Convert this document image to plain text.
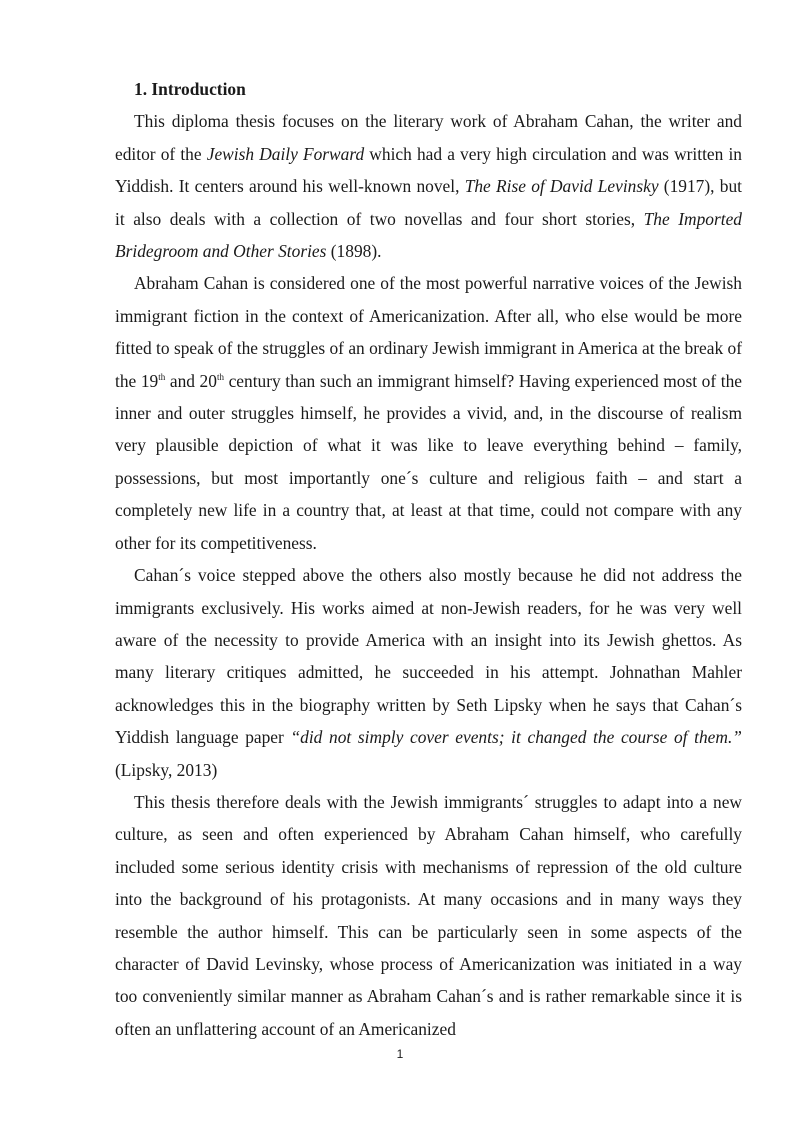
1. Introduction

This diploma thesis focuses on the literary work of Abraham Cahan, the writer and editor of the Jewish Daily Forward which had a very high circulation and was written in Yiddish. It centers around his well-known novel, The Rise of David Levinsky (1917), but it also deals with a collection of two novellas and four short stories, The Imported Bridegroom and Other Stories (1898).

Abraham Cahan is considered one of the most powerful narrative voices of the Jewish immigrant fiction in the context of Americanization. After all, who else would be more fitted to speak of the struggles of an ordinary Jewish immigrant in America at the break of the 19th and 20th century than such an immigrant himself? Having experienced most of the inner and outer struggles himself, he provides a vivid, and, in the discourse of realism very plausible depiction of what it was like to leave everything behind – family, possessions, but most importantly one´s culture and religious faith – and start a completely new life in a country that, at least at that time, could not compare with any other for its competitiveness.

Cahan´s voice stepped above the others also mostly because he did not address the immigrants exclusively. His works aimed at non-Jewish readers, for he was very well aware of the necessity to provide America with an insight into its Jewish ghettos. As many literary critiques admitted, he succeeded in his attempt. Johnathan Mahler acknowledges this in the biography written by Seth Lipsky when he says that Cahan´s Yiddish language paper “did not simply cover events; it changed the course of them.” (Lipsky, 2013)

This thesis therefore deals with the Jewish immigrants´ struggles to adapt into a new culture, as seen and often experienced by Abraham Cahan himself, who carefully included some serious identity crisis with mechanisms of repression of the old culture into the background of his protagonists. At many occasions and in many ways they resemble the author himself. This can be particularly seen in some aspects of the character of David Levinsky, whose process of Americanization was initiated in a way too conveniently similar manner as Abraham Cahan´s and is rather remarkable since it is often an unflattering account of an Americanized

1
